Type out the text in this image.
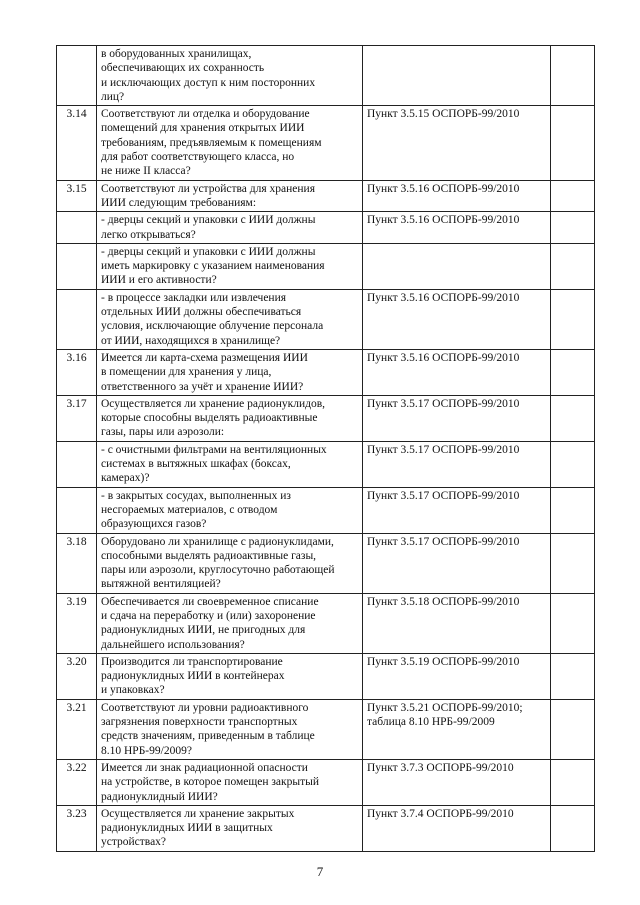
	в оборудованных хранилищах,
обеспечивающих их сохранность
и исключающих доступ к ним посторонних
лиц?		
3.14	Соответствуют ли отделка и оборудование
помещений для хранения открытых ИИИ
требованиям, предъявляемым к помещениям
для работ соответствующего класса, но
не ниже II класса?	Пункт 3.5.15 ОСПОРБ-99/2010	
3.15	Соответствуют ли устройства для хранения
ИИИ следующим требованиям:	Пункт 3.5.16 ОСПОРБ-99/2010	
	- дверцы секций и упаковки с ИИИ должны
легко открываться?	Пункт 3.5.16 ОСПОРБ-99/2010	
	- дверцы секций и упаковки с ИИИ должны
иметь маркировку с указанием наименования
ИИИ и его активности?		
	- в процессе закладки или извлечения
отдельных ИИИ должны обеспечиваться
условия, исключающие облучение персонала
от ИИИ, находящихся в хранилище?	Пункт 3.5.16 ОСПОРБ-99/2010	
3.16	Имеется ли карта-схема размещения ИИИ
в помещении для хранения у лица,
ответственного за учёт и хранение ИИИ?	Пункт 3.5.16 ОСПОРБ-99/2010	
3.17	Осуществляется ли хранение радионуклидов,
которые способны выделять радиоактивные
газы, пары или аэрозоли:	Пункт 3.5.17 ОСПОРБ-99/2010	
	- с очистными фильтрами на вентиляционных
системах в вытяжных шкафах (боксах,
камерах)?	Пункт 3.5.17 ОСПОРБ-99/2010	
	- в закрытых сосудах, выполненных из
несгораемых материалов, с отводом
образующихся газов?	Пункт 3.5.17 ОСПОРБ-99/2010	
3.18	Оборудовано ли хранилище с радионуклидами,
способными выделять радиоактивные газы,
пары или аэрозоли, круглосуточно работающей
вытяжной вентиляцией?	Пункт 3.5.17 ОСПОРБ-99/2010	
3.19	Обеспечивается ли своевременное списание
и сдача на переработку и (или) захоронение
радионуклидных ИИИ, не пригодных для
дальнейшего использования?	Пункт 3.5.18 ОСПОРБ-99/2010	
3.20	Производится ли транспортирование
радионуклидных ИИИ в контейнерах
и упаковках?	Пункт 3.5.19 ОСПОРБ-99/2010	
3.21	Соответствуют ли уровни радиоактивного
загрязнения поверхности транспортных
средств значениям, приведенным в таблице
8.10 НРБ-99/2009?	Пункт 3.5.21 ОСПОРБ-99/2010;
таблица 8.10 НРБ-99/2009	
3.22	Имеется ли знак радиационной опасности
на устройстве, в которое помещен закрытый
радионуклидный ИИИ?	Пункт 3.7.3 ОСПОРБ-99/2010	
3.23	Осуществляется ли хранение закрытых
радионуклидных ИИИ в защитных
устройствах?	Пункт 3.7.4 ОСПОРБ-99/2010	
7
